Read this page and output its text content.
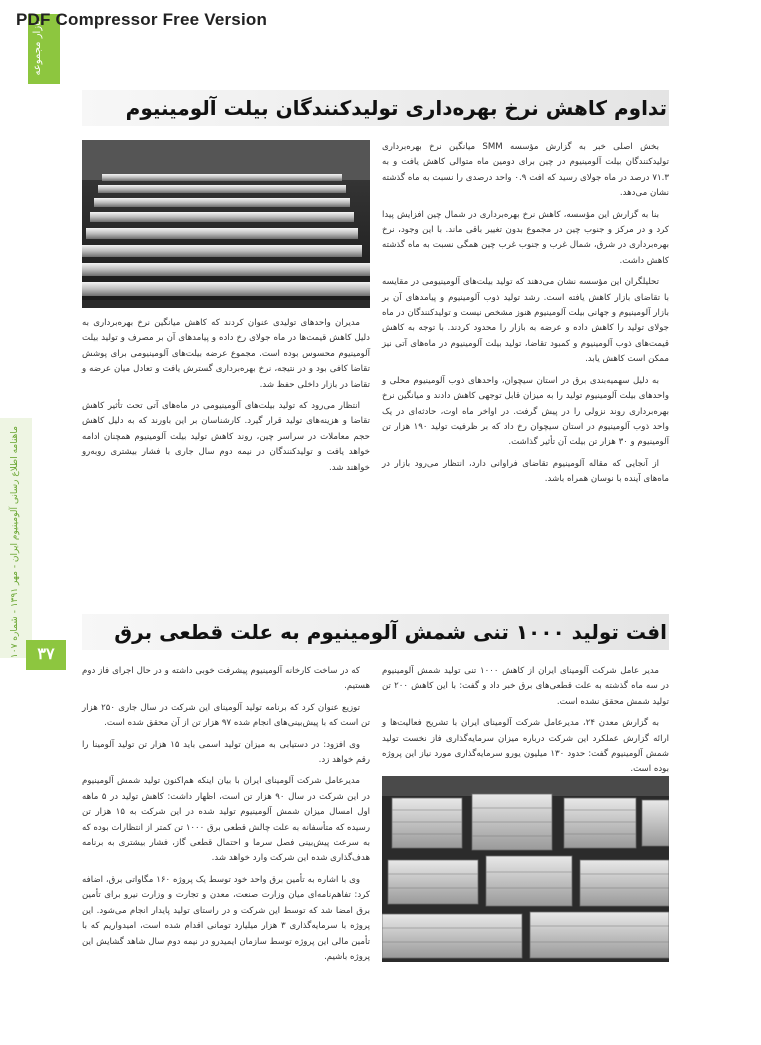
PDF Compressor Free Version
بازار مجموعه
ماهنامه اطلاع رسانی آلومینیوم ایران - مهر ۱۳۹۱ - شماره ۱۰۷
۳۷
تداوم کاهش نرخ بهره‌داری تولیدکنندگان بیلت آلومینیوم

بخش اصلی خبر به گزارش مؤسسه SMM میانگین نرخ بهره‌برداری تولیدکنندگان بیلت آلومینیوم در چین برای دومین ماه متوالی کاهش یافت و به ۷۱.۳ درصد در ماه جولای رسید که افت ۰.۹ واحد درصدی را نسبت به ماه گذشته نشان می‌دهد.

بنا به گزارش این مؤسسه، کاهش نرخ بهره‌برداری در شمال چین افزایش پیدا کرد و در مرکز و جنوب چین در مجموع بدون تغییر باقی ماند. با این وجود، نرخ بهره‌برداری در شرق، شمال غرب و جنوب غرب چین همگی نسبت به ماه گذشته کاهش داشت.

تحلیلگران این مؤسسه نشان می‌دهند که تولید بیلت‌های آلومینیومی در مقایسه با تقاضای بازار کاهش یافته است. رشد تولید ذوب آلومینیوم و پیامدهای آن بر بازار آلومینیوم و جهانی بیلت آلومینیوم هنوز مشخص نیست و تولیدکنندگان در ماه جولای تولید را کاهش داده و عرضه به بازار را محدود کردند. با توجه به کاهش قیمت‌های ذوب آلومینیوم و کمبود تقاضا، تولید بیلت آلومینیوم در ماه‌های آتی نیز ممکن است کاهش یابد.

به دلیل سهمیه‌بندی برق در استان سیچوان، واحدهای ذوب آلومینیوم محلی و واحدهای بیلت آلومینیوم تولید را به میزان قابل توجهی کاهش دادند و میانگین نرخ بهره‌برداری روند نزولی را در پیش گرفت. در اواخر ماه اوت، حادثه‌ای در یک واحد ذوب آلومینیوم در استان سیچوان رخ داد که بر ظرفیت تولید ۱۹۰ هزار تن آلومینیوم و ۳۰ هزار تن بیلت آن تأثیر گذاشت.

از آنجایی که مقاله آلومینیوم تقاضای فراوانی دارد، انتظار می‌رود بازار در ماه‌های آینده با نوسان همراه باشد.

مدیران واحدهای تولیدی عنوان کردند که کاهش میانگین نرخ بهره‌برداری به دلیل کاهش قیمت‌ها در ماه جولای رخ داده و پیامدهای آن بر مصرف و تولید بیلت آلومینیوم محسوس بوده است. مجموع عرضه بیلت‌های آلومینیومی برای پوشش تقاضا کافی بود و در نتیجه، نرخ بهره‌برداری گسترش یافت و تعادل میان عرضه و تقاضا در بازار داخلی حفظ شد.

انتظار می‌رود که تولید بیلت‌های آلومینیومی در ماه‌های آتی تحت تأثیر کاهش تقاضا و هزینه‌های تولید قرار گیرد. کارشناسان بر این باورند که به دلیل کاهش حجم معاملات در سراسر چین، روند کاهش تولید بیلت آلومینیوم همچنان ادامه خواهد یافت و تولیدکنندگان در نیمه دوم سال جاری با فشار بیشتری روبه‌رو خواهند شد.

افت تولید ۱۰۰۰ تنی شمش آلومینیوم به علت قطعی برق

مدیر عامل شرکت آلومینای ایران از کاهش ۱۰۰۰ تنی تولید شمش آلومینیوم در سه ماه گذشته به علت قطعی‌های برق خبر داد و گفت: با این کاهش ۲۰۰ تن تولید شمش محقق نشده است.

به گزارش معدن ۲۴، مدیرعامل شرکت آلومینای ایران با تشریح فعالیت‌ها و ارائه گزارش عملکرد این شرکت درباره میزان سرمایه‌گذاری فاز نخست تولید شمش آلومینیوم گفت: حدود ۱۳۰ میلیون یورو سرمایه‌گذاری مورد نیاز این پروژه بوده است.

که در ساخت کارخانه آلومینیوم پیشرفت خوبی داشته و در حال اجرای فاز دوم هستیم.

توزیع عنوان کرد که برنامه تولید آلومینای این شرکت در سال جاری ۲۵۰ هزار تن است که با پیش‌بینی‌های انجام شده ۹۷ هزار تن از آن محقق شده است.

وی افزود: در دستیابی به میزان تولید اسمی باید ۱۵ هزار تن تولید آلومینا را رقم خواهد زد.

مدیرعامل شرکت آلومینای ایران با بیان اینکه هم‌اکنون تولید شمش آلومینیوم در این شرکت در سال ۹۰ هزار تن است، اظهار داشت: کاهش تولید در ۵ ماهه اول امسال میزان شمش آلومینیوم تولید شده در این شرکت به ۱۵ هزار تن رسیده که متأسفانه به علت چالش قطعی برق ۱۰۰۰ تن کمتر از انتظارات بوده که به سرعت پیش‌بینی فصل سرما و احتمال قطعی گاز، فشار بیشتری به برنامه هدف‌گذاری شده این شرکت وارد خواهد شد.

وی با اشاره به تأمین برق واحد خود توسط یک پروژه ۱۶۰ مگاواتی برق، اضافه کرد: تفاهم‌نامه‌ای میان وزارت صنعت، معدن و تجارت و وزارت نیرو برای تأمین برق امضا شد که توسط این شرکت و در راستای تولید پایدار انجام می‌شود. این پروژه با سرمایه‌گذاری ۳ هزار میلیارد تومانی اقدام شده است، امیدواریم که با تأمین مالی این پروژه توسط سازمان ایمیدرو در نیمه دوم سال شاهد گشایش این پروژه باشیم.
